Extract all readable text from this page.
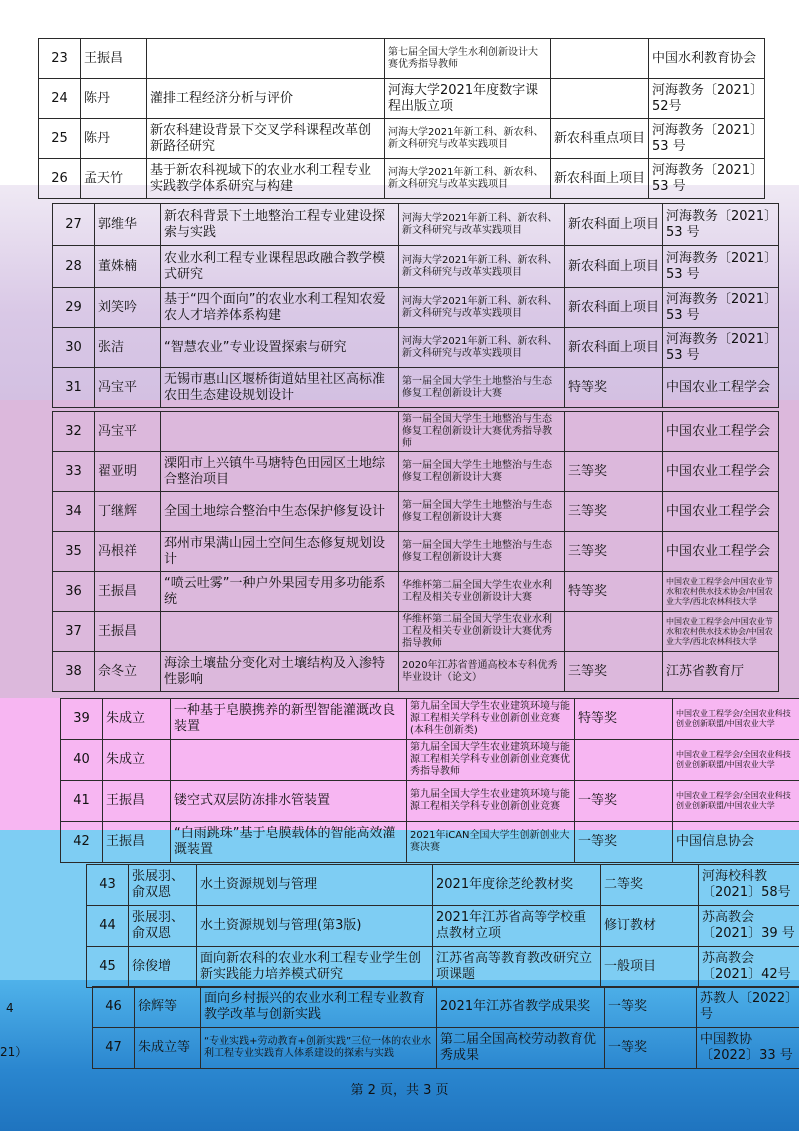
23	王振昌		第七届全国大学生水利创新设计大赛优秀指导教师		中国水利教育协会
24	陈丹	灌排工程经济分析与评价	河海大学2021年度数字课程出版立项		河海教务〔2021〕52号
25	陈丹	新农科建设背景下交叉学科课程改革创新路径研究	河海大学2021年新工科、新农科、新文科研究与改革实践项目	新农科重点项目	河海教务〔2021〕53 号
26	孟天竹	基于新农科视域下的农业水利工程专业实践教学体系研究与构建	河海大学2021年新工科、新农科、新文科研究与改革实践项目	新农科面上项目	河海教务〔2021〕53 号
27	郭维华	新农科背景下土地整治工程专业建设探索与实践	河海大学2021年新工科、新农科、新文科研究与改革实践项目	新农科面上项目	河海教务〔2021〕53 号
28	董姝楠	农业水利工程专业课程思政融合教学模式研究	河海大学2021年新工科、新农科、新文科研究与改革实践项目	新农科面上项目	河海教务〔2021〕53 号
29	刘笑吟	基于“四个面向”的农业水利工程知农爱农人才培养体系构建	河海大学2021年新工科、新农科、新文科研究与改革实践项目	新农科面上项目	河海教务〔2021〕53 号
30	张洁	“智慧农业”专业设置探索与研究	河海大学2021年新工科、新农科、新文科研究与改革实践项目	新农科面上项目	河海教务〔2021〕53 号
31	冯宝平	无锡市惠山区堰桥街道姑里社区高标准农田生态建设规划设计	第一届全国大学生土地整治与生态修复工程创新设计大赛	特等奖	中国农业工程学会
32	冯宝平		第一届全国大学生土地整治与生态修复工程创新设计大赛优秀指导教师		中国农业工程学会
33	翟亚明	溧阳市上兴镇牛马塘特色田园区土地综合整治项目	第一届全国大学生土地整治与生态修复工程创新设计大赛	三等奖	中国农业工程学会
34	丁继辉	全国土地综合整治中生态保护修复设计	第一届全国大学生土地整治与生态修复工程创新设计大赛	三等奖	中国农业工程学会
35	冯根祥	邳州市果满山园土空间生态修复规划设计	第一届全国大学生土地整治与生态修复工程创新设计大赛	三等奖	中国农业工程学会
36	王振昌	“喷云吐雾”一种户外果园专用多功能系统	华维杯第二届全国大学生农业水利工程及相关专业创新设计大赛	特等奖	中国农业工程学会/中国农业节水和农村供水技术协会/中国农业大学/西北农林科技大学
37	王振昌		华维杯第二届全国大学生农业水利工程及相关专业创新设计大赛优秀指导教师		中国农业工程学会/中国农业节水和农村供水技术协会/中国农业大学/西北农林科技大学
38	佘冬立	海涂土壤盐分变化对土壤结构及入渗特性影响	2020年江苏省普通高校本专科优秀毕业设计（论文）	三等奖	江苏省教育厅
39	朱成立	一种基于皂膜携养的新型智能灌溉改良装置	第九届全国大学生农业建筑环境与能源工程相关学科专业创新创业竞赛(本科生创新类)	特等奖	中国农业工程学会/全国农业科技创业创新联盟/中国农业大学
40	朱成立		第九届全国大学生农业建筑环境与能源工程相关学科专业创新创业竞赛优秀指导教师		中国农业工程学会/全国农业科技创业创新联盟/中国农业大学
41	王振昌	镂空式双层防冻排水管装置	第九届全国大学生农业建筑环境与能源工程相关学科专业创新创业竞赛	一等奖	中国农业工程学会/全国农业科技创业创新联盟/中国农业大学
42	王振昌	“白雨跳珠”基于皂膜载体的智能高效灌溉装置	2021年iCAN全国大学生创新创业大赛决赛	一等奖	中国信息协会
43	张展羽、俞双恩	水土资源规划与管理	2021年度徐芝纶教材奖	二等奖	河海校科教〔2021〕58号
44	张展羽、俞双恩	水土资源规划与管理(第3版)	2021年江苏省高等学校重点教材立项	修订教材	苏高教会〔2021〕39 号
45	徐俊增	面向新农科的农业水利工程专业学生创新实践能力培养模式研究	江苏省高等教育教改研究立项课题	一般项目	苏高教会〔2021〕42号
46	徐辉等	面向乡村振兴的农业水利工程专业教育教学改革与创新实践	2021年江苏省教学成果奖	一等奖	苏教人〔2022〕号
47	朱成立等	“专业实践+劳动教育+创新实践”三位一体的农业水利工程专业实践育人体系建设的探索与实践	第二届全国高校劳动教育优秀成果	一等奖	中国教协〔2022〕33 号
4
21）
第 2 页，共 3 页
